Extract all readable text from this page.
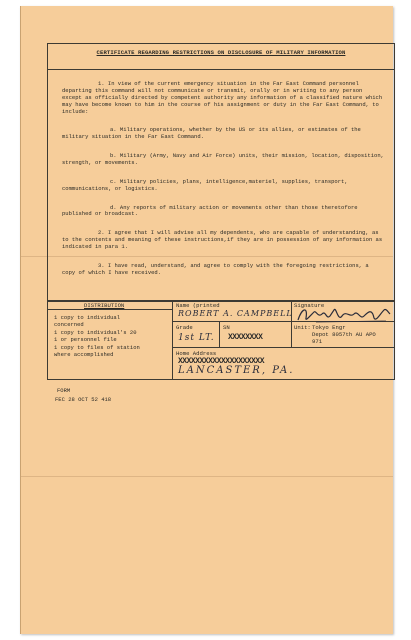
CERTIFICATE REGARDING RESTRICTIONS ON DISCLOSURE OF MILITARY INFORMATION

1. In view of the current emergency situation in the Far East Command personnel departing this command will not communicate or transmit, orally or in writing to any person except as officially directed by competent authority any information of a classified nature which may have become known to him in the course of his assignment or duty in the Far East Command, to include:

a. Military operations, whether by the US or its allies, or estimates of the military situation in the Far East Command.

b. Military (Army, Navy and Air Force) units, their mission, location, disposition, strength, or movements.

c. Military policies, plans, intelligence,materiel, supplies, transport, communications, or logistics.

d. Any reports of military action or movements other than those theretofore published or broadcast.

2. I agree that I will advise all my dependents, who are capable of understanding, as to the contents and meaning of these instructions,if they are in possession of any information as indicated in para 1.

3. I have read, understand, and agree to comply with the foregoing restrictions, a copy of which I have received.

DISTRIBUTION
1 copy to individual
concerned
1 copy to individual's 20
1 or personnel file
1 copy to files of station
where accomplished
Name (printed
ROBERT A. CAMPBELL
Signature
Grade
1st LT.
SN
XXXXXXXX
Unit: Tokyo Engr
Depot 8057th AU APO
971
Home Address
XXXXXXXXXXXXXXXXXXXX
LANCASTER, PA.
FORM
FEC 28 OCT 52 418
